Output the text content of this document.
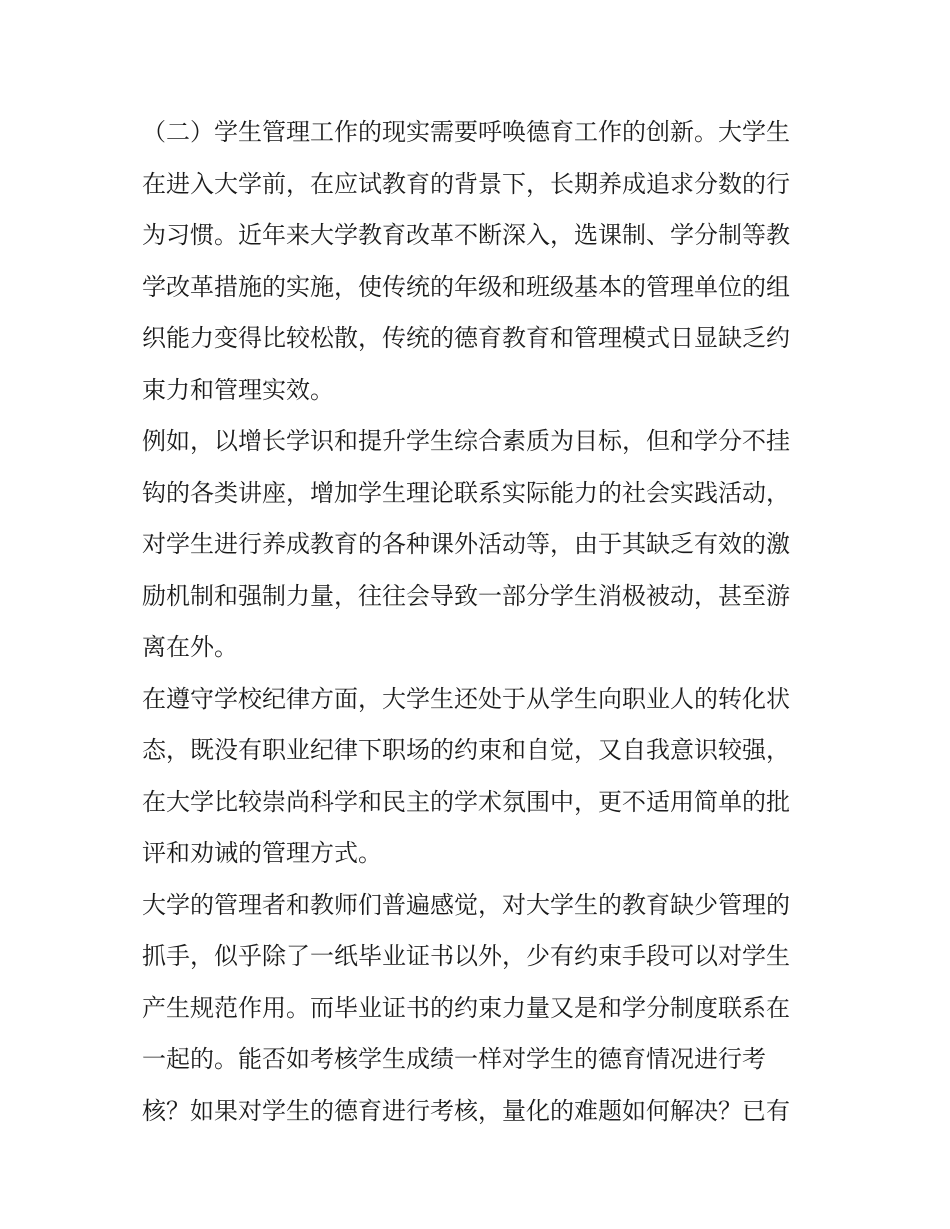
（二）学生管理工作的现实需要呼唤德育工作的创新。大学生
在进入大学前，在应试教育的背景下，长期养成追求分数的行
为习惯。近年来大学教育改革不断深入，选课制、学分制等教
学改革措施的实施，使传统的年级和班级基本的管理单位的组
织能力变得比较松散，传统的德育教育和管理模式日显缺乏约
束力和管理实效。
例如，以增长学识和提升学生综合素质为目标，但和学分不挂
钩的各类讲座，增加学生理论联系实际能力的社会实践活动，
对学生进行养成教育的各种课外活动等，由于其缺乏有效的激
励机制和强制力量，往往会导致一部分学生消极被动，甚至游
离在外。
在遵守学校纪律方面，大学生还处于从学生向职业人的转化状
态，既没有职业纪律下职场的约束和自觉，又自我意识较强，
在大学比较崇尚科学和民主的学术氛围中，更不适用简单的批
评和劝诫的管理方式。
大学的管理者和教师们普遍感觉，对大学生的教育缺少管理的
抓手，似乎除了一纸毕业证书以外，少有约束手段可以对学生
产生规范作用。而毕业证书的约束力量又是和学分制度联系在
一起的。能否如考核学生成绩一样对学生的德育情况进行考
核？如果对学生的德育进行考核，量化的难题如何解决？已有
